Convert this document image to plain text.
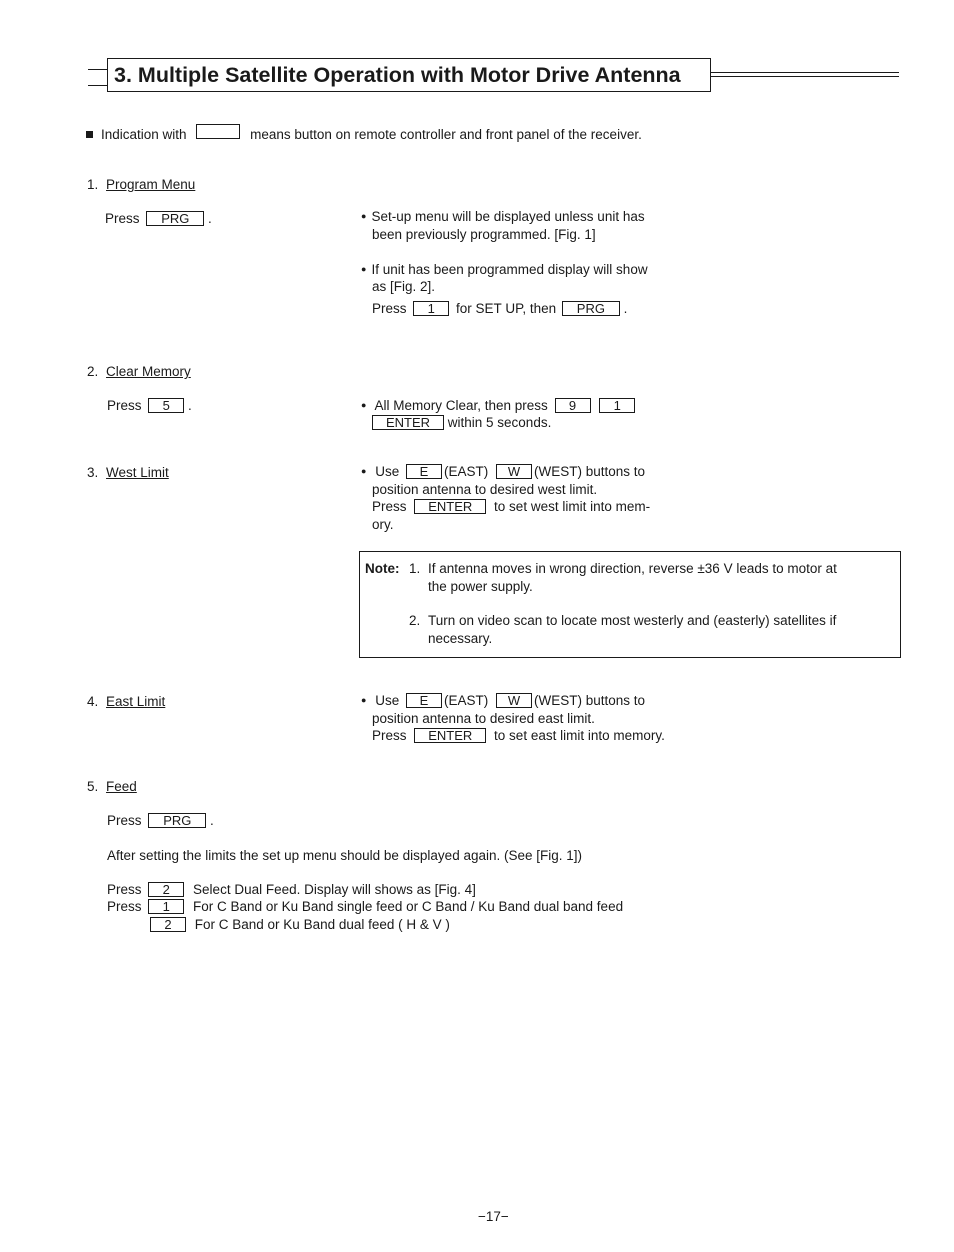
3. Multiple Satellite Operation with Motor Drive Antenna
Indication with	means button on remote controller and front panel of the receiver.
1. Program Menu
Press PRG .	● Set-up menu will be displayed unless unit has
been previously programmed. [Fig. 1]
● If unit has been programmed display will show
as [Fig. 2].
Press 1 for SET UP, then PRG .
2. Clear Memory
Press 5 .	● All Memory Clear, then press 9	1
ENTER within 5 seconds.
3. West Limit	● Use E (EAST) W (WEST) buttons to
position antenna to desired west limit.
Press ENTER to set west limit into mem-
ory.
Note: 1. If antenna moves in wrong direction, reverse ±36 V leads to motor at
the power supply.
2. Turn on video scan to locate most westerly and (easterly) satellites if
necessary.
4. East Limit	● Use E (EAST) W (WEST) buttons to
position antenna to desired east limit.
Press ENTER to set east limit into memory.
5. Feed
Press PRG .
After setting the limits the set up menu should be displayed again. (See [Fig. 1])
Press 2 Select Dual Feed. Display will shows as [Fig. 4]
Press 1 For C Band or Ku Band single feed or C Band / Ku Band dual band feed
2 For C Band or Ku Band dual feed ( H & V )
−17−
